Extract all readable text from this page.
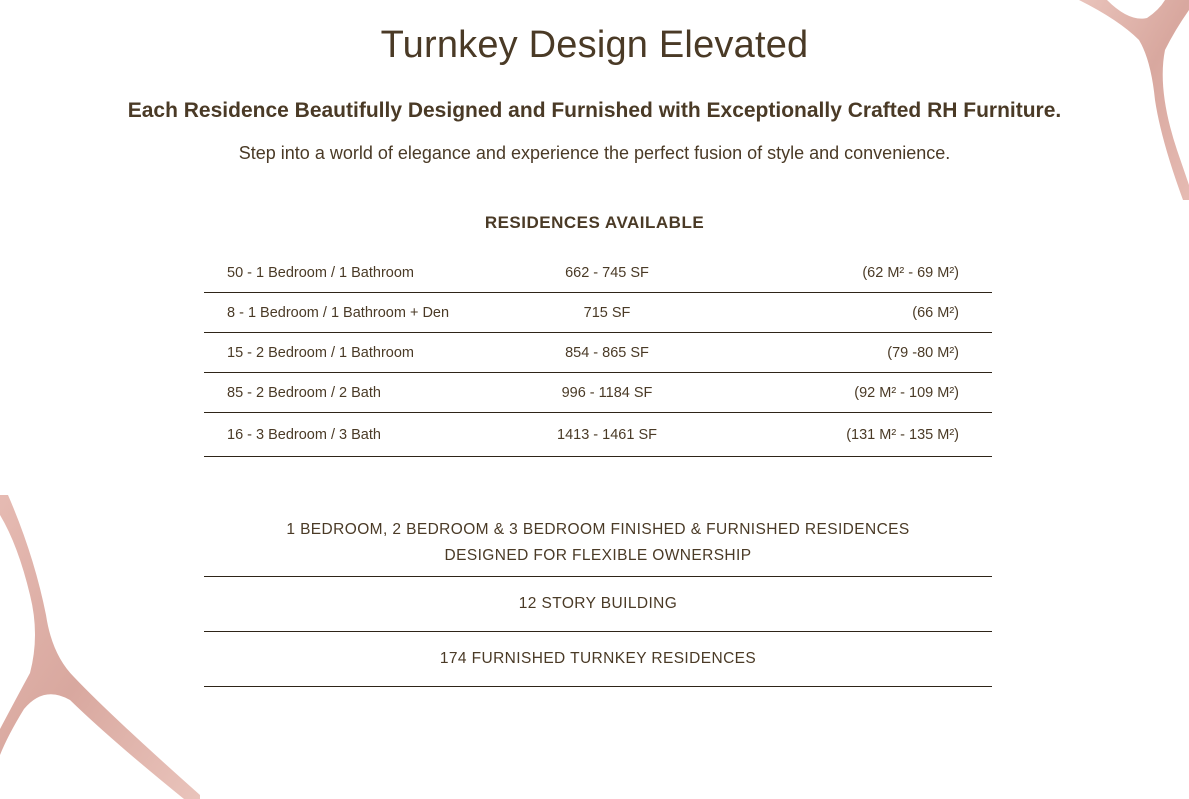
Turnkey Design Elevated
Each Residence Beautifully Designed and Furnished with Exceptionally Crafted RH Furniture.
Step into a world of elegance and experience the perfect fusion of style and convenience.
RESIDENCES AVAILABLE
50 - 1 Bedroom / 1 Bathroom	662 - 745 SF	(62 M² - 69 M²)
8 - 1 Bedroom / 1 Bathroom + Den	715 SF	(66 M²)
15 - 2 Bedroom / 1 Bathroom	854 - 865 SF	(79 -80 M²)
85 - 2 Bedroom / 2 Bath	996 - 1184 SF	(92 M² - 109 M²)
16 - 3 Bedroom / 3 Bath	1413 - 1461 SF	(131 M² - 135 M²)
1 BEDROOM, 2 BEDROOM & 3 BEDROOM FINISHED & FURNISHED RESIDENCES
DESIGNED FOR FLEXIBLE OWNERSHIP
12 STORY BUILDING
174 FURNISHED TURNKEY RESIDENCES
